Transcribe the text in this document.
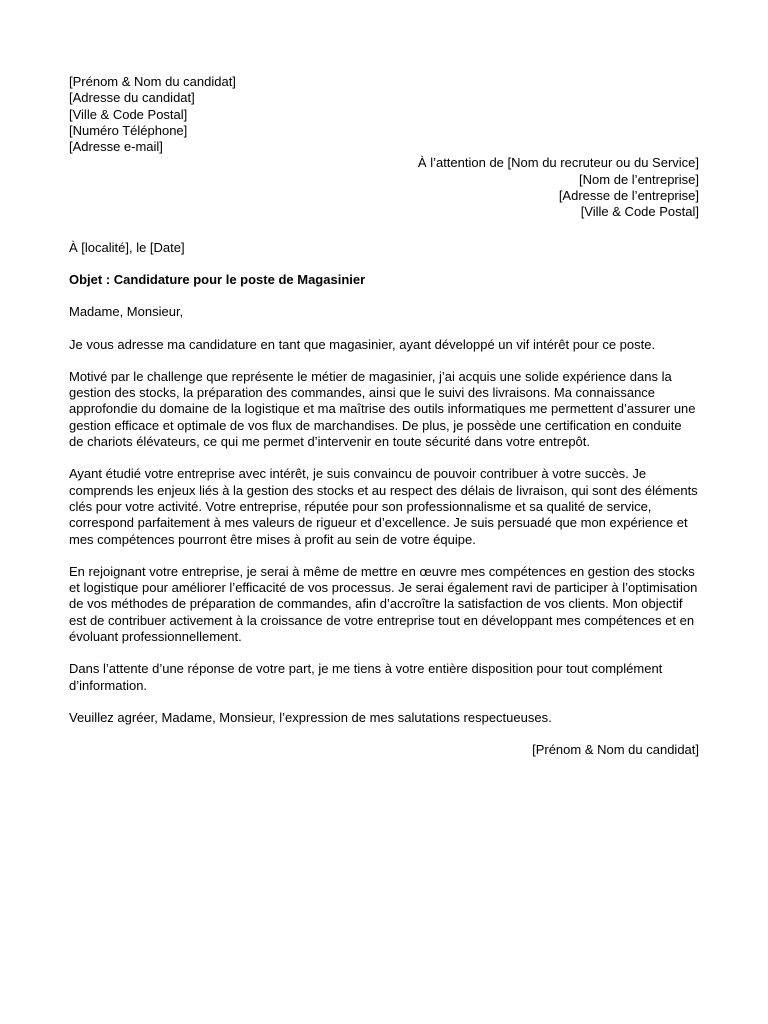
[Prénom & Nom du candidat]
[Adresse du candidat]
[Ville & Code Postal]
[Numéro Téléphone]
[Adresse e-mail]
À l’attention de [Nom du recruteur ou du Service]
[Nom de l’entreprise]
[Adresse de l’entreprise]
[Ville & Code Postal]
À [localité], le [Date]
Objet : Candidature pour le poste de Magasinier
Madame, Monsieur,

Je vous adresse ma candidature en tant que magasinier, ayant développé un vif intérêt pour ce poste.

Motivé par le challenge que représente le métier de magasinier, j’ai acquis une solide expérience dans la gestion des stocks, la préparation des commandes, ainsi que le suivi des livraisons. Ma connaissance approfondie du domaine de la logistique et ma maîtrise des outils informatiques me permettent d’assurer une gestion efficace et optimale de vos flux de marchandises. De plus, je possède une certification en conduite de chariots élévateurs, ce qui me permet d’intervenir en toute sécurité dans votre entrepôt.

Ayant étudié votre entreprise avec intérêt, je suis convaincu de pouvoir contribuer à votre succès. Je comprends les enjeux liés à la gestion des stocks et au respect des délais de livraison, qui sont des éléments clés pour votre activité. Votre entreprise, réputée pour son professionnalisme et sa qualité de service, correspond parfaitement à mes valeurs de rigueur et d’excellence. Je suis persuadé que mon expérience et mes compétences pourront être mises à profit au sein de votre équipe.

En rejoignant votre entreprise, je serai à même de mettre en œuvre mes compétences en gestion des stocks et logistique pour améliorer l’efficacité de vos processus. Je serai également ravi de participer à l’optimisation de vos méthodes de préparation de commandes, afin d’accroître la satisfaction de vos clients. Mon objectif est de contribuer activement à la croissance de votre entreprise tout en développant mes compétences et en évoluant professionnellement.

Dans l’attente d’une réponse de votre part, je me tiens à votre entière disposition pour tout complément d’information.

Veuillez agréer, Madame, Monsieur, l’expression de mes salutations respectueuses.

[Prénom & Nom du candidat]
